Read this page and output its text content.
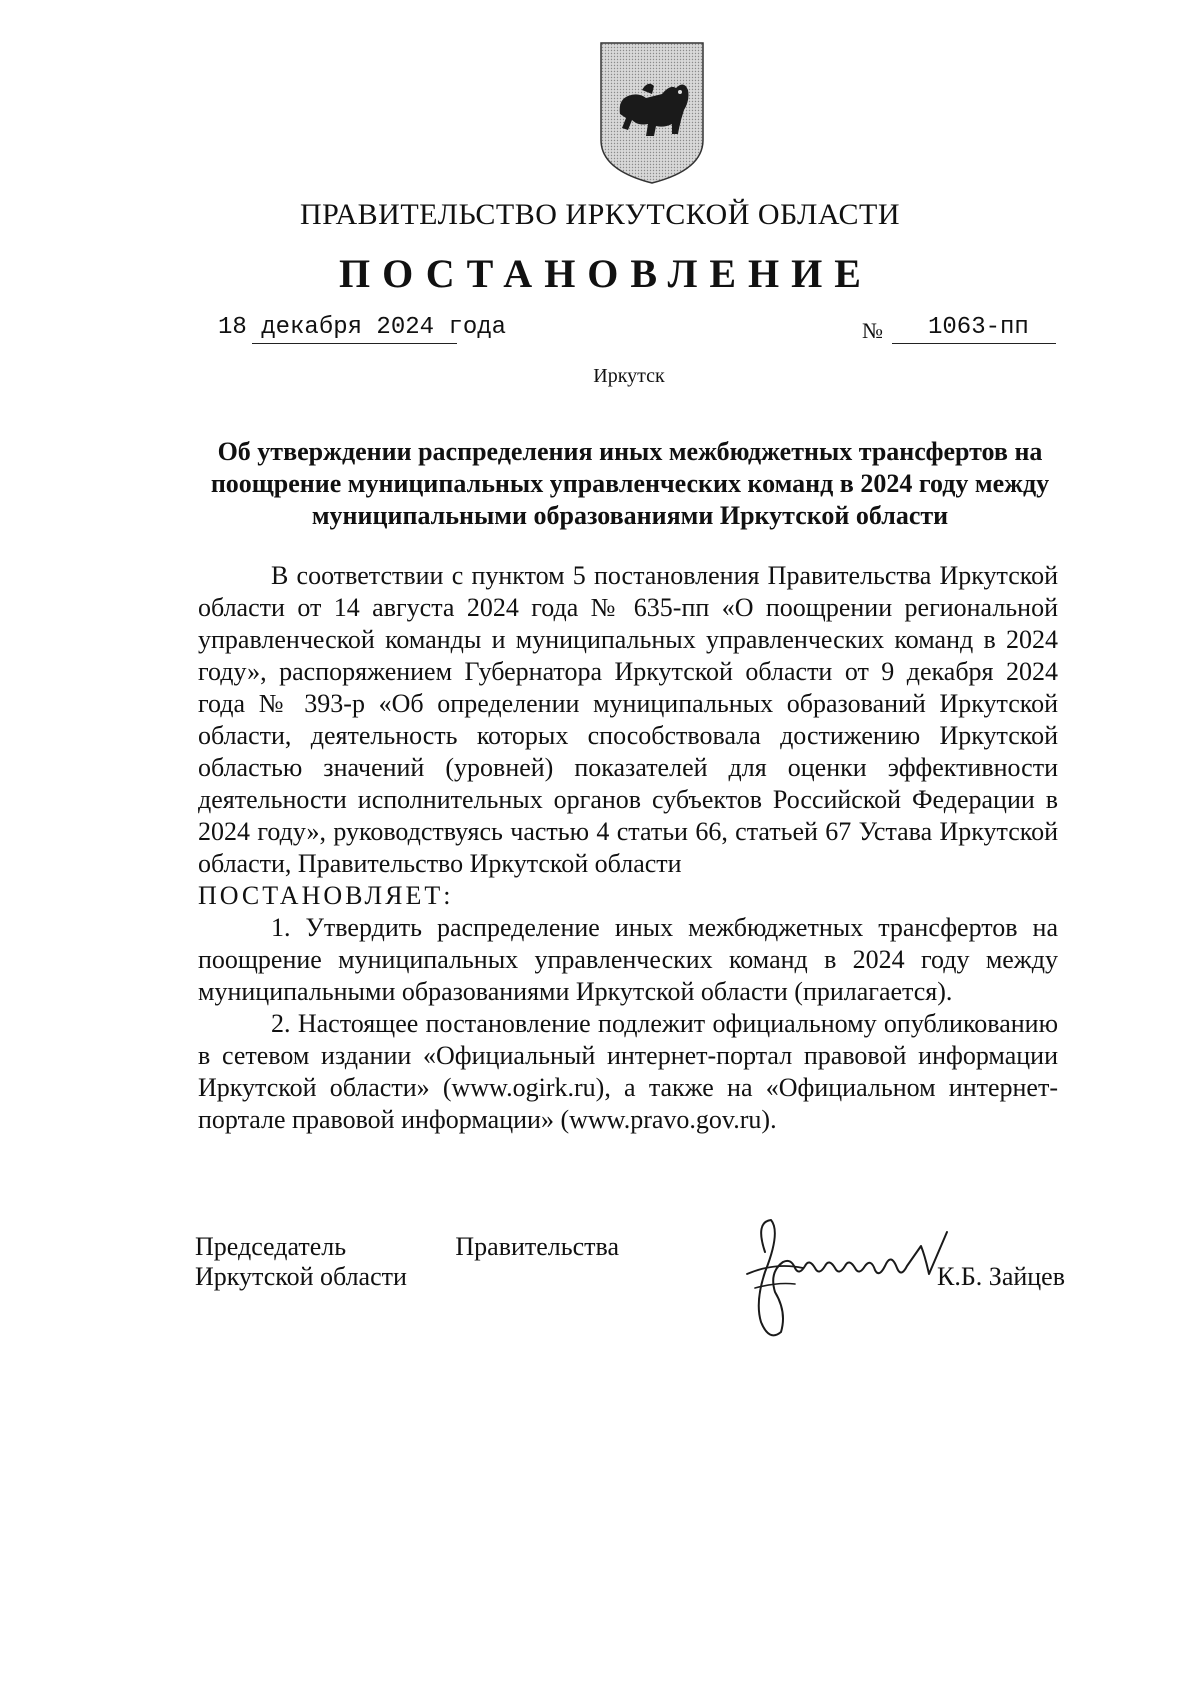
ПРАВИТЕЛЬСТВО ИРКУТСКОЙ ОБЛАСТИ
ПОСТАНОВЛЕНИЕ
18 декабря 2024 года	№ 1063-пп
Иркутск
Об утверждении распределения иных межбюджетных трансфертов на поощрение муниципальных управленческих команд в 2024 году между муниципальными образованиями Иркутской области

В соответствии с пунктом 5 постановления Правительства Иркутской области от 14 августа 2024 года № 635-пп «О поощрении региональной управленческой команды и муниципальных управленческих команд в 2024 году», распоряжением Губернатора Иркутской области от 9 декабря 2024 года № 393-р «Об определении муниципальных образований Иркутской области, деятельность которых способствовала достижению Иркутской областью значений (уровней) показателей для оценки эффективности деятельности исполнительных органов субъектов Российской Федерации в 2024 году», руководствуясь частью 4 статьи 66, статьей 67 Устава Иркутской области, Правительство Иркутской области

ПОСТАНОВЛЯЕТ:

1. Утвердить распределение иных межбюджетных трансфертов на поощрение муниципальных управленческих команд в 2024 году между муниципальными образованиями Иркутской области (прилагается).

2. Настоящее постановление подлежит официальному опубликованию в сетевом издании «Официальный интернет-портал правовой информации Иркутской области» (www.ogirk.ru), а также на «Официальном интернет-портале правовой информации» (www.pravo.gov.ru).

Председатель	Правительства
Иркутской области	К.Б. Зайцев
